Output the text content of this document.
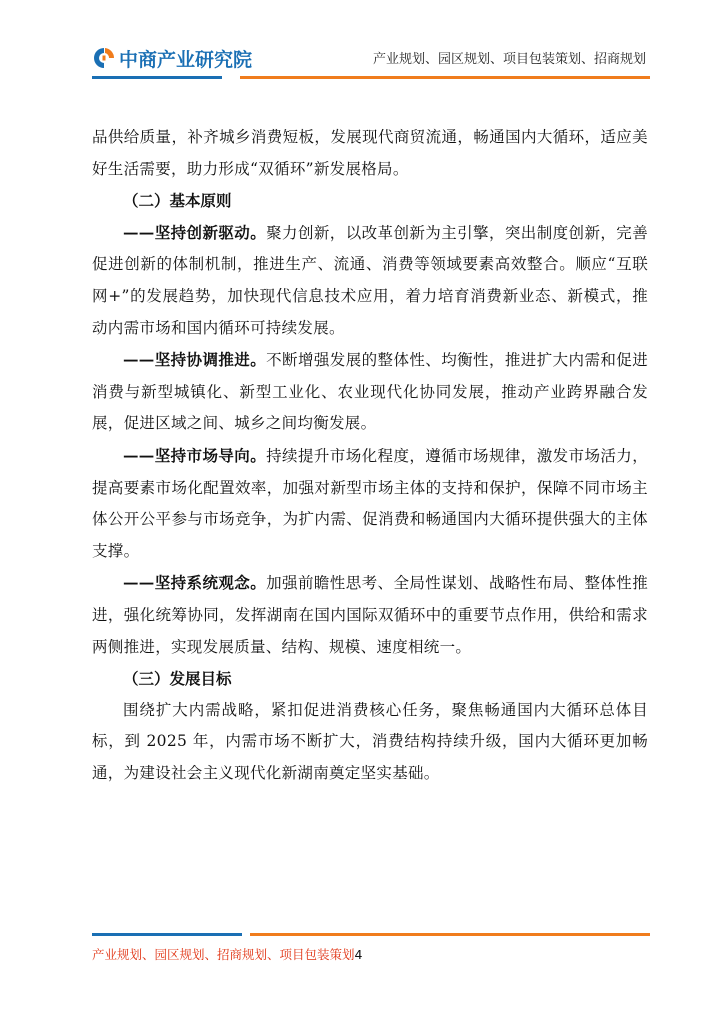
中商产业研究院	产业规划、园区规划、项目包装策划、招商规划

品供给质量，补齐城乡消费短板，发展现代商贸流通，畅通国内大循环，适应美好生活需要，助力形成“双循环”新发展格局。

（二）基本原则

——坚持创新驱动。聚力创新，以改革创新为主引擎，突出制度创新，完善促进创新的体制机制，推进生产、流通、消费等领域要素高效整合。顺应“互联网+”的发展趋势，加快现代信息技术应用，着力培育消费新业态、新模式，推动内需市场和国内循环可持续发展。

——坚持协调推进。不断增强发展的整体性、均衡性，推进扩大内需和促进消费与新型城镇化、新型工业化、农业现代化协同发展，推动产业跨界融合发展，促进区域之间、城乡之间均衡发展。

——坚持市场导向。持续提升市场化程度，遵循市场规律，激发市场活力，提高要素市场化配置效率，加强对新型市场主体的支持和保护，保障不同市场主体公开公平参与市场竞争，为扩内需、促消费和畅通国内大循环提供强大的主体支撑。

——坚持系统观念。加强前瞻性思考、全局性谋划、战略性布局、整体性推进，强化统筹协同，发挥湖南在国内国际双循环中的重要节点作用，供给和需求两侧推进，实现发展质量、结构、规模、速度相统一。

（三）发展目标

围绕扩大内需战略，紧扣促进消费核心任务，聚焦畅通国内大循环总体目标，到 2025 年，内需市场不断扩大，消费结构持续升级，国内大循环更加畅通，为建设社会主义现代化新湖南奠定坚实基础。

产业规划、园区规划、招商规划、项目包装策划4
